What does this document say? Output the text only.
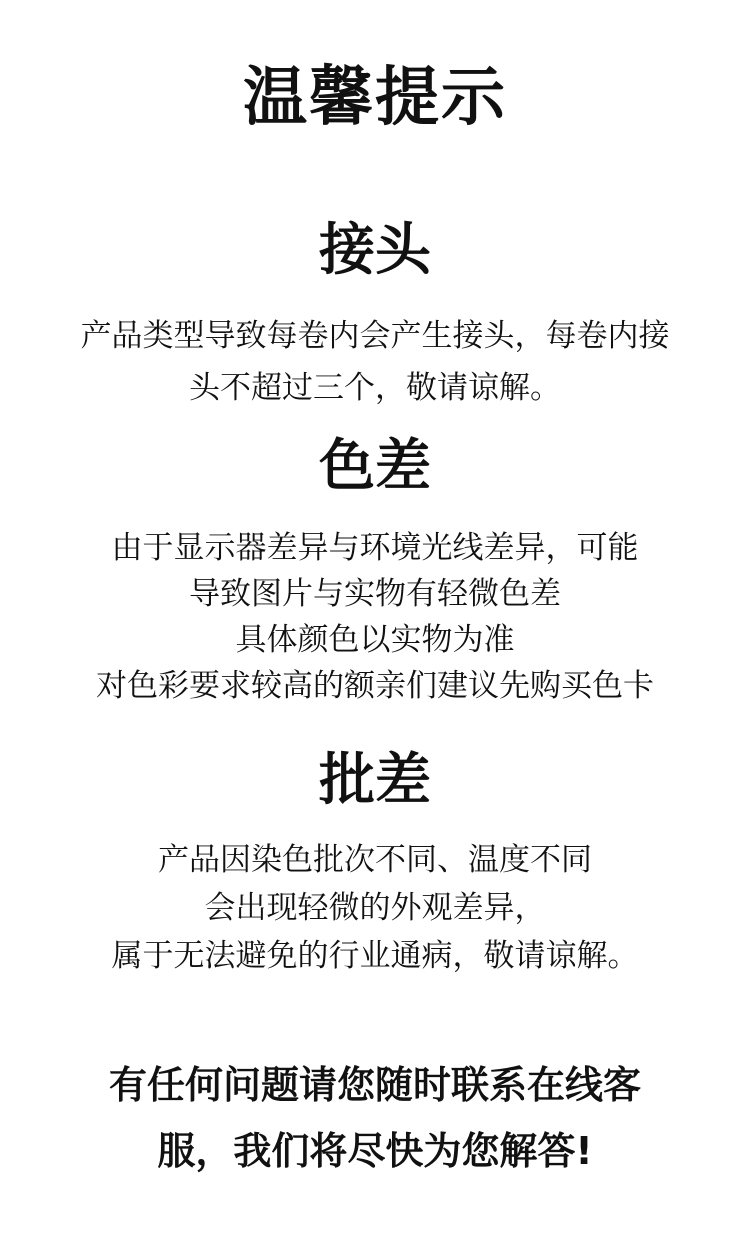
温馨提示
接头

产品类型导致每卷内会产生接头，每卷内接
头不超过三个，敬请谅解。

色差

由于显示器差异与环境光线差异，可能
导致图片与实物有轻微色差
具体颜色以实物为准
对色彩要求较高的额亲们建议先购买色卡

批差

产品因染色批次不同、温度不同
会出现轻微的外观差异，
属于无法避免的行业通病，敬请谅解。

有任何问题请您随时联系在线客
服，我们将尽快为您解答!
